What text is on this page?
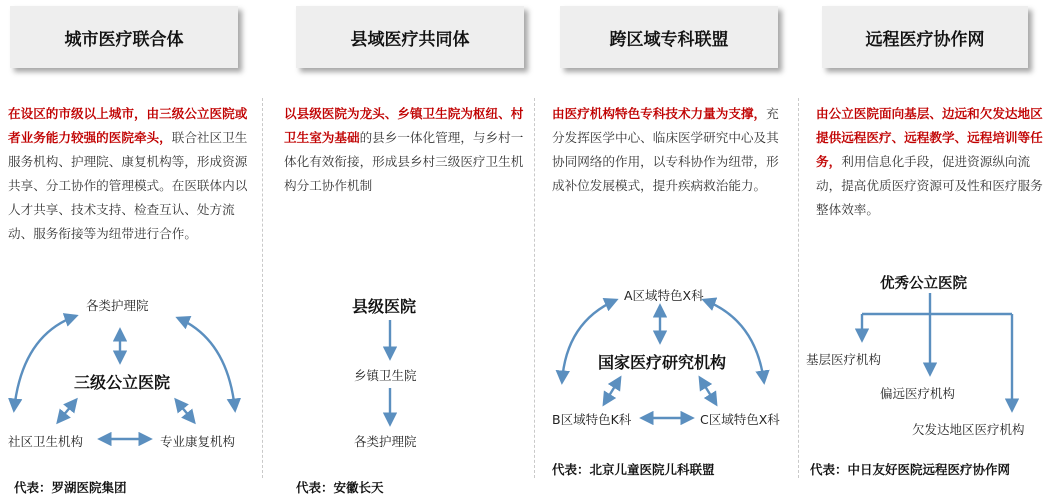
城市医疗联合体
在设区的市级以上城市，由三级公立医院或者业务能力较强的医院牵头，联合社区卫生服务机构、护理院、康复机构等，形成资源共享、分工协作的管理模式。在医联体内以人才共享、技术支持、检查互认、处方流动、服务衔接等为纽带进行合作。
各类护理院
三级公立医院
社区卫生机构	专业康复机构
代表：罗湖医院集团
县域医疗共同体
以县级医院为龙头、乡镇卫生院为枢纽、村卫生室为基础的县乡一体化管理，与乡村一体化有效衔接，形成县乡村三级医疗卫生机构分工协作机制
县级医院
乡镇卫生院
各类护理院
代表：安徽长天
跨区域专科联盟
由医疗机构特色专科技术力量为支撑，充分发挥医学中心、临床医学研究中心及其协同网络的作用，以专科协作为纽带，形成补位发展模式，提升疾病救治能力。
A区域特色X科
国家医疗研究机构
B区域特色K科	C区域特色X科
代表：北京儿童医院儿科联盟
远程医疗协作网
由公立医院面向基层、边远和欠发达地区提供远程医疗、远程教学、远程培训等任务，利用信息化手段，促进资源纵向流动，提高优质医疗资源可及性和医疗服务整体效率。
优秀公立医院
基层医疗机构
偏远医疗机构
欠发达地区医疗机构
代表：中日友好医院远程医疗协作网
